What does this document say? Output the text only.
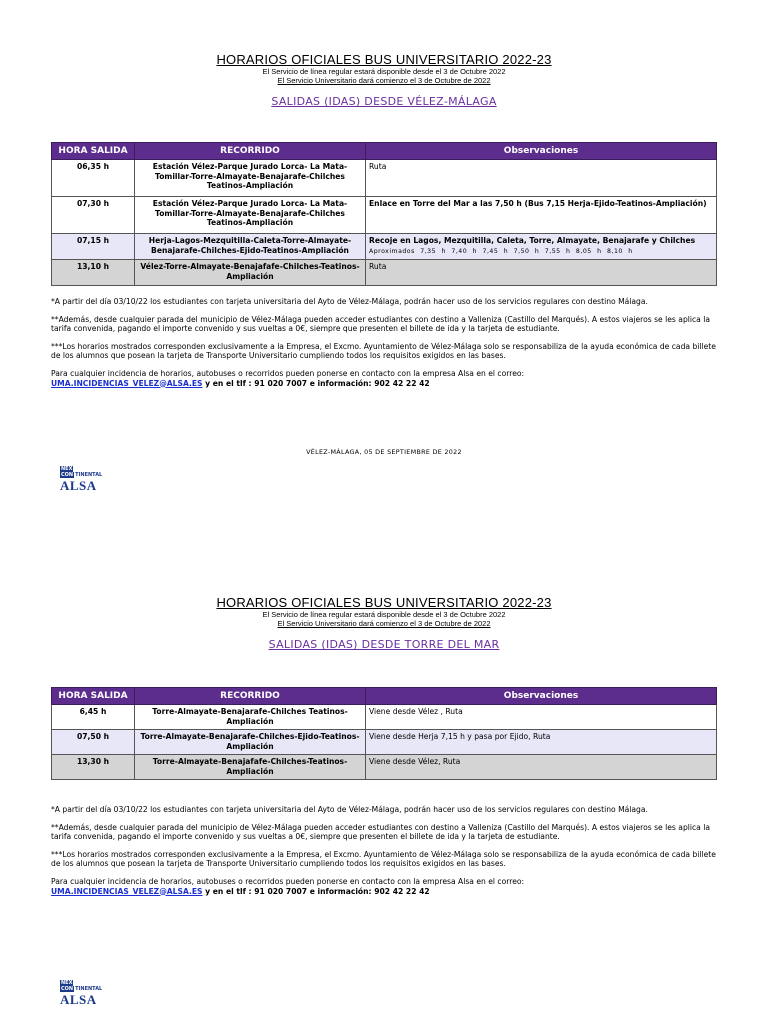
HORARIOS OFICIALES BUS UNIVERSITARIO 2022-23
El Servicio de línea regular estará disponible desde el 3 de Octubre 2022
El Servicio Universitario dará comienzo el 3 de Octubre de 2022
SALIDAS (IDAS) DESDE VÉLEZ-MÁLAGA
HORA SALIDA	RECORRIDO	Observaciones
06,35 h	Estación Vélez-Parque Jurado Lorca- La Mata-Tomillar-Torre-Almayate-Benajarafe-Chilches Teatinos-Ampliación	Ruta
07,30 h	Estación Vélez-Parque Jurado Lorca- La Mata-Tomillar-Torre-Almayate-Benajarafe-Chilches Teatinos-Ampliación	Enlace en Torre del Mar a las 7,50 h (Bus 7,15 Herja-Ejido-Teatinos-Ampliación)
07,15 h	Herja-Lagos-Mezquitilla-Caleta-Torre-Almayate-Benajarafe-Chilches-Ejido-Teatinos-Ampliación	Recoje en Lagos, Mezquitilla, Caleta, Torre, Almayate, Benajarafe y Chilches
Aproximados 7,35 h 7,40 h 7,45 h 7,50 h 7,55 h 8,05 h 8,10 h

13,10 h	Vélez-Torre-Almayate-Benajafafe-Chilches-Teatinos-Ampliación	Ruta

*A partir del día 03/10/22 los estudiantes con tarjeta universitaria del Ayto de Vélez-Málaga, podrán hacer uso de los servicios regulares con destino Málaga.

**Además, desde cualquier parada del municipio de Vélez-Málaga pueden acceder estudiantes con destino a Valleniza (Castillo del Marqués). A estos viajeros se les aplica la tarifa convenida, pagando el importe convenido y sus vueltas a 0€, siempre que presenten el billete de ida y la tarjeta de estudiante.

***Los horarios mostrados corresponden exclusivamente a la Empresa, el Excmo. Ayuntamiento de Vélez-Málaga solo se responsabiliza de la ayuda económica de cada billete de los alumnos que posean la tarjeta de Transporte Universitario cumpliendo todos los requisitos exigidos en las bases.

Para cualquier incidencia de horarios, autobuses o recorridos pueden ponerse en contacto con la empresa Alsa en el correo:
UMA.INCIDENCIAS_VELEZ@ALSA.ES y en el tlf : 91 020 7007 e información: 902 42 22 42

VÉLEZ-MÁLAGA, 05 DE SEPTIEMBRE DE 2022
NEX
CON TINENTAL
ALSA
HORARIOS OFICIALES BUS UNIVERSITARIO 2022-23
El Servicio de línea regular estará disponible desde el 3 de Octubre 2022
El Servicio Universitario dará comienzo el 3 de Octubre de 2022
SALIDAS (IDAS) DESDE TORRE DEL MAR
HORA SALIDA	RECORRIDO	Observaciones
6,45 h	Torre-Almayate-Benajarafe-Chilches Teatinos-Ampliación	Viene desde Vélez , Ruta
07,50 h	Torre-Almayate-Benajarafe-Chilches-Ejido-Teatinos-Ampliación	Viene desde Herja 7,15 h y pasa por Ejido, Ruta
13,30 h	Torre-Almayate-Benajafafe-Chilches-Teatinos-Ampliación	Viene desde Vélez, Ruta

*A partir del día 03/10/22 los estudiantes con tarjeta universitaria del Ayto de Vélez-Málaga, podrán hacer uso de los servicios regulares con destino Málaga.

**Además, desde cualquier parada del municipio de Vélez-Málaga pueden acceder estudiantes con destino a Valleniza (Castillo del Marqués). A estos viajeros se les aplica la tarifa convenida, pagando el importe convenido y sus vueltas a 0€, siempre que presenten el billete de ida y la tarjeta de estudiante.

***Los horarios mostrados corresponden exclusivamente a la Empresa, el Excmo. Ayuntamiento de Vélez-Málaga solo se responsabiliza de la ayuda económica de cada billete de los alumnos que posean la tarjeta de Transporte Universitario cumpliendo todos los requisitos exigidos en las bases.

Para cualquier incidencia de horarios, autobuses o recorridos pueden ponerse en contacto con la empresa Alsa en el correo:
UMA.INCIDENCIAS_VELEZ@ALSA.ES y en el tlf : 91 020 7007 e información: 902 42 22 42

NEX
CON TINENTAL
ALSA
